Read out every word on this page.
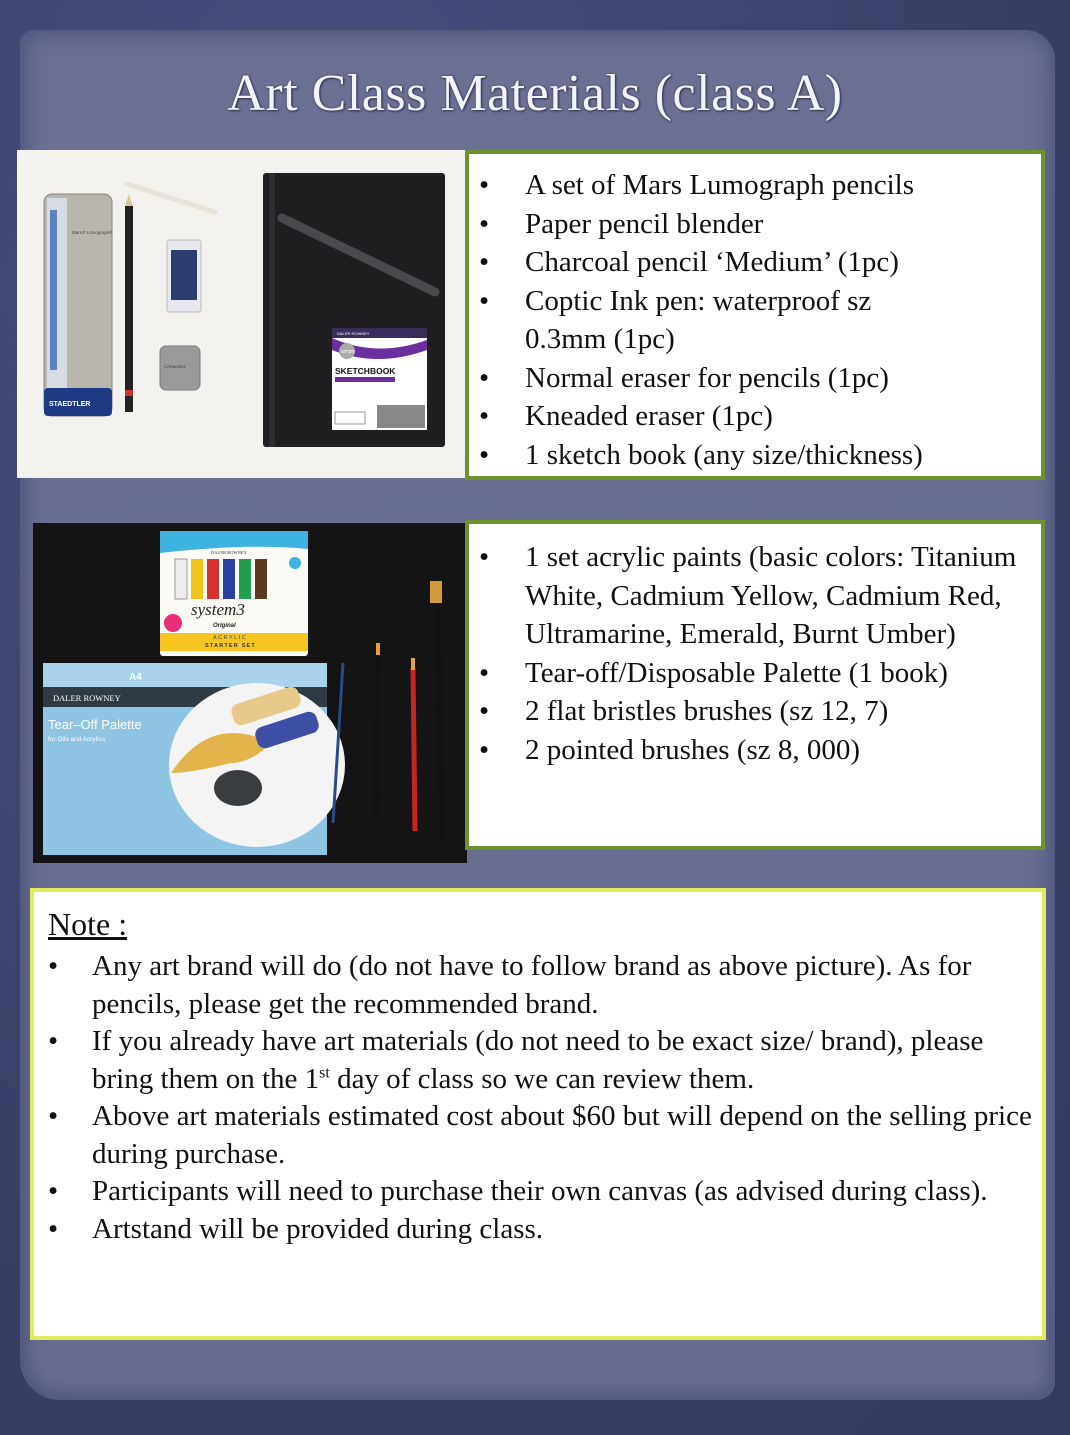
Art Class Materials (class A)
STAEDTLER
Mars® Lumograph®
Cretacolor
DALER ROWNEY
simply
SKETCHBOOK
• A set of Mars Lumograph pencils
• Paper pencil blender
• Charcoal pencil ‘Medium’ (1pc)
• Coptic Ink pen: waterproof sz 0.3mm (1pc)
• Normal eraser for pencils (1pc)
• Kneaded eraser (1pc)
• 1 sketch book (any size/thickness)
DALER ROWNEY
system3
Original
ACRYLIC
STARTER SET
A4
DALER ROWNEY
Tear–Off Palette
for Oils and Acrylics
• 1 set acrylic paints (basic colors: Titanium White, Cadmium Yellow, Cadmium Red, Ultramarine, Emerald, Burnt Umber)
• Tear-off/Disposable Palette (1 book)
• 2 flat bristles brushes (sz 12, 7)
• 2 pointed brushes (sz 8, 000)
Note :
• Any art brand will do (do not have to follow brand as above picture). As for pencils, please get the recommended brand.
• If you already have art materials (do not need to be exact size/ brand), please bring them on the 1st day of class so we can review them.
• Above art materials estimated cost about $60 but will depend on the selling price during purchase.
• Participants will need to purchase their own canvas (as advised during class).
• Artstand will be provided during class.
